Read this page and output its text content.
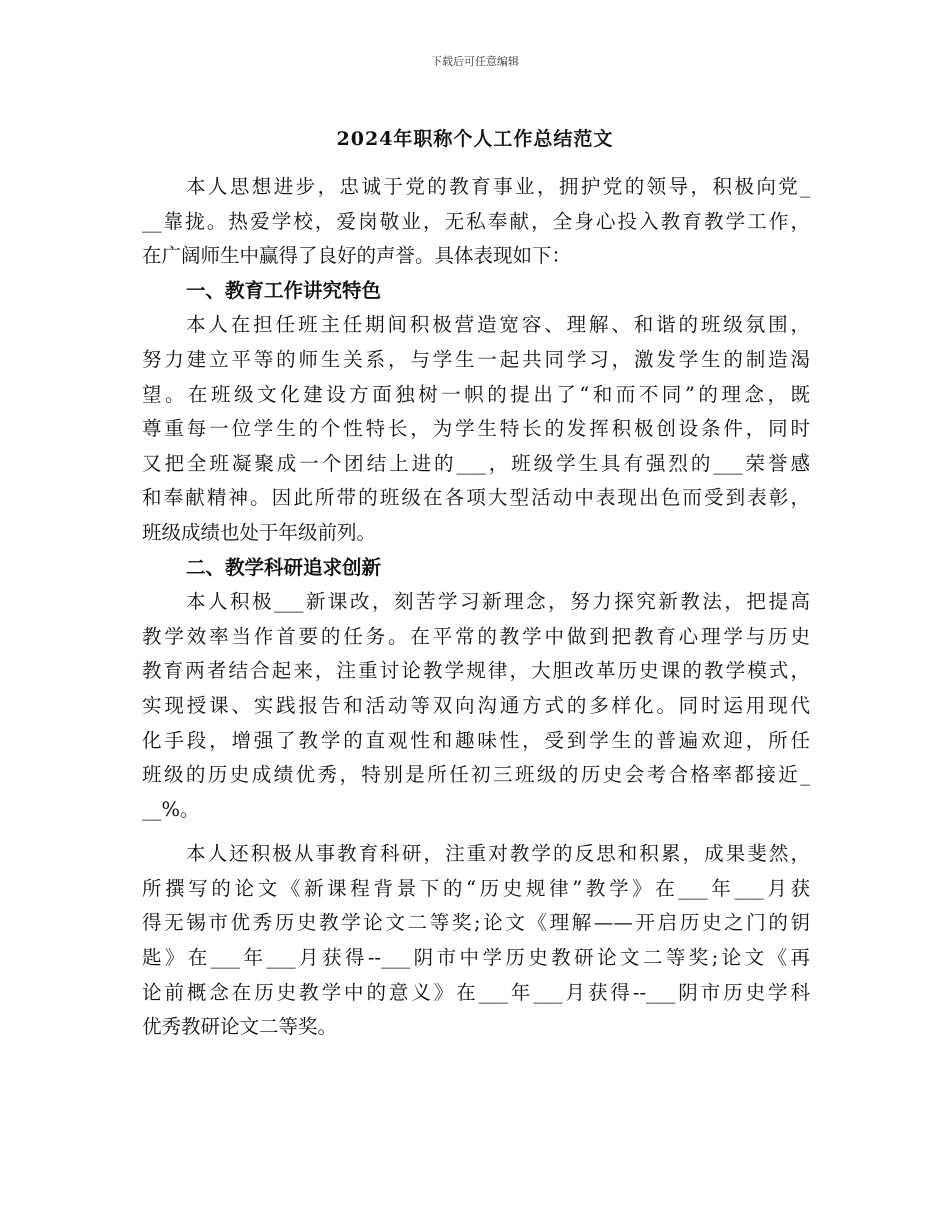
下载后可任意编辑
2024年职称个人工作总结范文
本人思想进步，忠诚于党的教育事业，拥护党的领导，积极向党_
__靠拢。热爱学校，爱岗敬业，无私奉献，全身心投入教育教学工作，
在广阔师生中赢得了良好的声誉。具体表现如下：
一、教育工作讲究特色
本人在担任班主任期间积极营造宽容、理解、和谐的班级氛围，
努力建立平等的师生关系，与学生一起共同学习，激发学生的制造渴
望。在班级文化建设方面独树一帜的提出了“和而不同”的理念，既
尊重每一位学生的个性特长，为学生特长的发挥积极创设条件，同时
又把全班凝聚成一个团结上进的___，班级学生具有强烈的___荣誉感
和奉献精神。因此所带的班级在各项大型活动中表现出色而受到表彰，
班级成绩也处于年级前列。
二、教学科研追求创新
本人积极___新课改，刻苦学习新理念，努力探究新教法，把提高
教学效率当作首要的任务。在平常的教学中做到把教育心理学与历史
教育两者结合起来，注重讨论教学规律，大胆改革历史课的教学模式，
实现授课、实践报告和活动等双向沟通方式的多样化。同时运用现代
化手段，增强了教学的直观性和趣味性，受到学生的普遍欢迎，所任
班级的历史成绩优秀，特别是所任初三班级的历史会考合格率都接近_
__%。
本人还积极从事教育科研，注重对教学的反思和积累，成果斐然，
所撰写的论文《新课程背景下的“历史规律”教学》在___年___月获
得无锡市优秀历史教学论文二等奖;论文《理解——开启历史之门的钥
匙》在___年___月获得--___阴市中学历史教研论文二等奖;论文《再
论前概念在历史教学中的意义》在___年___月获得--___阴市历史学科
优秀教研论文二等奖。
